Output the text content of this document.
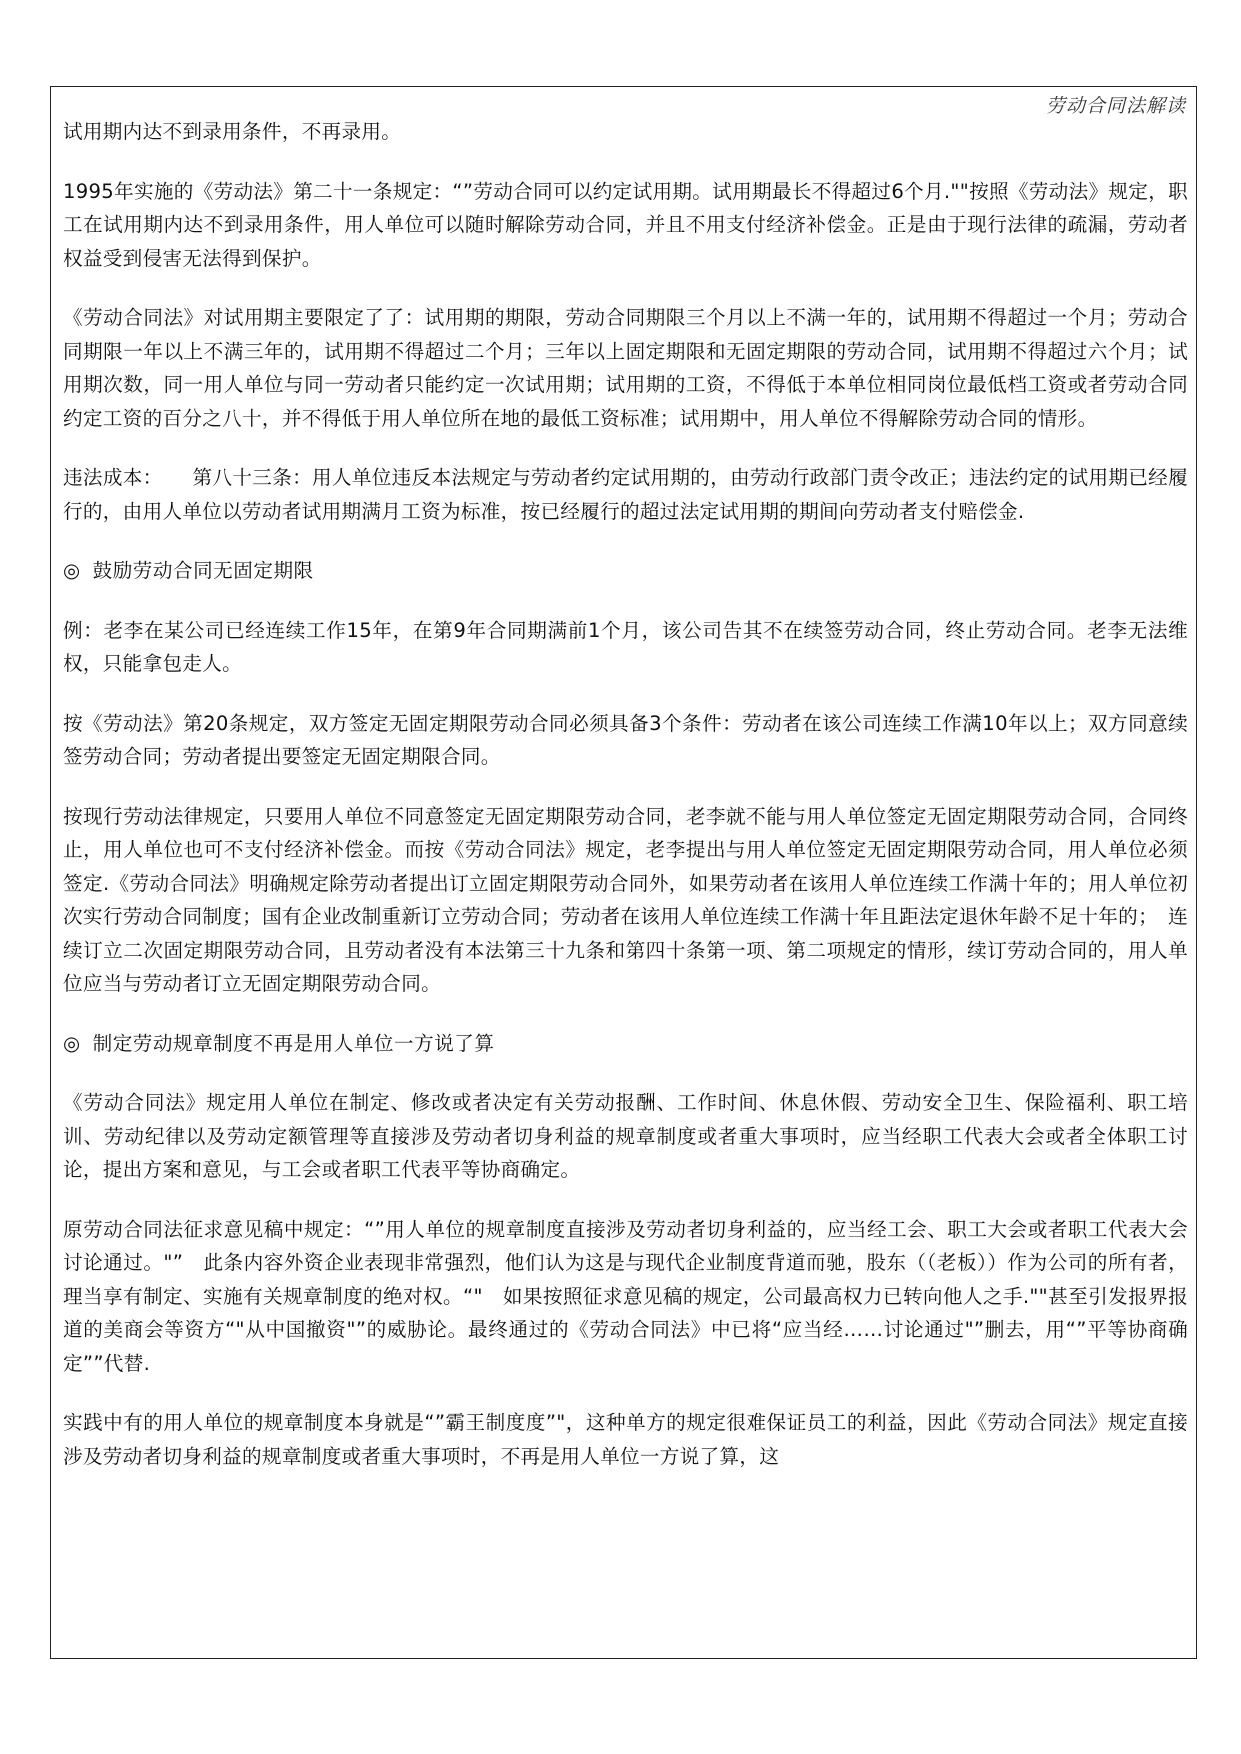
劳动合同法解读

试用期内达不到录用条件，不再录用。

1995年实施的《劳动法》第二十一条规定：“”劳动合同可以约定试用期。试用期最长不得超过6个月.""按照《劳动法》规定，职工在试用期内达不到录用条件，用人单位可以随时解除劳动合同，并且不用支付经济补偿金。正是由于现行法律的疏漏，劳动者权益受到侵害无法得到保护。

《劳动合同法》对试用期主要限定了了：试用期的期限，劳动合同期限三个月以上不满一年的，试用期不得超过一个月；劳动合同期限一年以上不满三年的，试用期不得超过二个月；三年以上固定期限和无固定期限的劳动合同，试用期不得超过六个月；试用期次数，同一用人单位与同一劳动者只能约定一次试用期；试用期的工资，不得低于本单位相同岗位最低档工资或者劳动合同约定工资的百分之八十，并不得低于用人单位所在地的最低工资标准；试用期中，用人单位不得解除劳动合同的情形。

违法成本：　　第八十三条：用人单位违反本法规定与劳动者约定试用期的，由劳动行政部门责令改正；违法约定的试用期已经履行的，由用人单位以劳动者试用期满月工资为标准，按已经履行的超过法定试用期的期间向劳动者支付赔偿金.

◎ 鼓励劳动合同无固定期限

例：老李在某公司已经连续工作15年，在第9年合同期满前1个月，该公司告其不在续签劳动合同，终止劳动合同。老李无法维权，只能拿包走人。

按《劳动法》第20条规定，双方签定无固定期限劳动合同必须具备3个条件：劳动者在该公司连续工作满10年以上；双方同意续签劳动合同；劳动者提出要签定无固定期限合同。

按现行劳动法律规定，只要用人单位不同意签定无固定期限劳动合同，老李就不能与用人单位签定无固定期限劳动合同，合同终止，用人单位也可不支付经济补偿金。而按《劳动合同法》规定，老李提出与用人单位签定无固定期限劳动合同，用人单位必须签定.《劳动合同法》明确规定除劳动者提出订立固定期限劳动合同外，如果劳动者在该用人单位连续工作满十年的；用人单位初次实行劳动合同制度；国有企业改制重新订立劳动合同；劳动者在该用人单位连续工作满十年且距法定退休年龄不足十年的；　连续订立二次固定期限劳动合同，且劳动者没有本法第三十九条和第四十条第一项、第二项规定的情形，续订劳动合同的，用人单位应当与劳动者订立无固定期限劳动合同。

◎ 制定劳动规章制度不再是用人单位一方说了算

《劳动合同法》规定用人单位在制定、修改或者决定有关劳动报酬、工作时间、休息休假、劳动安全卫生、保险福利、职工培训、劳动纪律以及劳动定额管理等直接涉及劳动者切身利益的规章制度或者重大事项时，应当经职工代表大会或者全体职工讨论，提出方案和意见，与工会或者职工代表平等协商确定。

原劳动合同法征求意见稿中规定：“”用人单位的规章制度直接涉及劳动者切身利益的，应当经工会、职工大会或者职工代表大会讨论通过。"”　此条内容外资企业表现非常强烈，他们认为这是与现代企业制度背道而驰，股东（（老板））作为公司的所有者，理当享有制定、实施有关规章制度的绝对权。“"　如果按照征求意见稿的规定，公司最高权力已转向他人之手.""甚至引发报界报道的美商会等资方“"从中国撤资"”的威胁论。最终通过的《劳动合同法》中已将“应当经……讨论通过"”删去，用“”平等协商确定””代替.

实践中有的用人单位的规章制度本身就是“”霸王制度度”"，这种单方的规定很难保证员工的利益，因此《劳动合同法》规定直接涉及劳动者切身利益的规章制度或者重大事项时，不再是用人单位一方说了算，这
